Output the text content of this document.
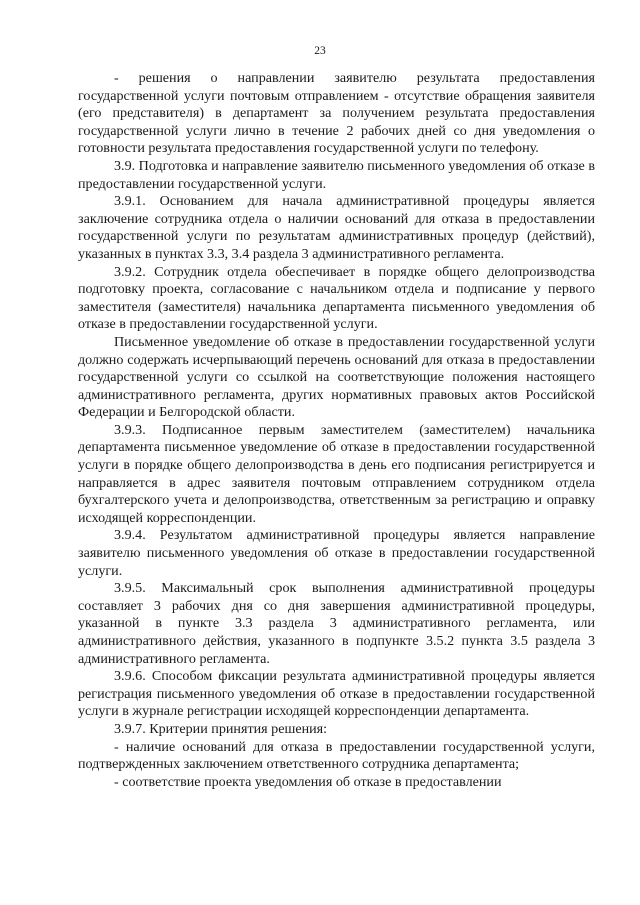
23

- решения о направлении заявителю результата предоставления государственной услуги почтовым отправлением - отсутствие обращения заявителя (его представителя) в департамент за получением результата предоставления государственной услуги лично в течение 2 рабочих дней со дня уведомления о готовности результата предоставления государственной услуги по телефону.

3.9. Подготовка и направление заявителю письменного уведомления об отказе в предоставлении государственной услуги.

3.9.1. Основанием для начала административной процедуры является заключение сотрудника отдела о наличии оснований для отказа в предоставлении государственной услуги по результатам административных процедур (действий), указанных в пунктах 3.3, 3.4 раздела 3 административного регламента.

3.9.2. Сотрудник отдела обеспечивает в порядке общего делопроизводства подготовку проекта, согласование с начальником отдела и подписание у первого заместителя (заместителя) начальника департамента письменного уведомления об отказе в предоставлении государственной услуги.

Письменное уведомление об отказе в предоставлении государственной услуги должно содержать исчерпывающий перечень оснований для отказа в предоставлении государственной услуги со ссылкой на соответствующие положения настоящего административного регламента, других нормативных правовых актов Российской Федерации и Белгородской области.

3.9.3. Подписанное первым заместителем (заместителем) начальника департамента письменное уведомление об отказе в предоставлении государственной услуги в порядке общего делопроизводства в день его подписания регистрируется и направляется в адрес заявителя почтовым отправлением сотрудником отдела бухгалтерского учета и делопроизводства, ответственным за регистрацию и оправку исходящей корреспонденции.

3.9.4. Результатом административной процедуры является направление заявителю письменного уведомления об отказе в предоставлении государственной услуги.

3.9.5. Максимальный срок выполнения административной процедуры составляет 3 рабочих дня со дня завершения административной процедуры, указанной в пункте 3.3 раздела 3 административного регламента, или административного действия, указанного в подпункте 3.5.2 пункта 3.5 раздела 3 административного регламента.

3.9.6. Способом фиксации результата административной процедуры является регистрация письменного уведомления об отказе в предоставлении государственной услуги в журнале регистрации исходящей корреспонденции департамента.

3.9.7. Критерии принятия решения:

- наличие оснований для отказа в предоставлении государственной услуги, подтвержденных заключением ответственного сотрудника департамента;

- соответствие проекта уведомления об отказе в предоставлении
